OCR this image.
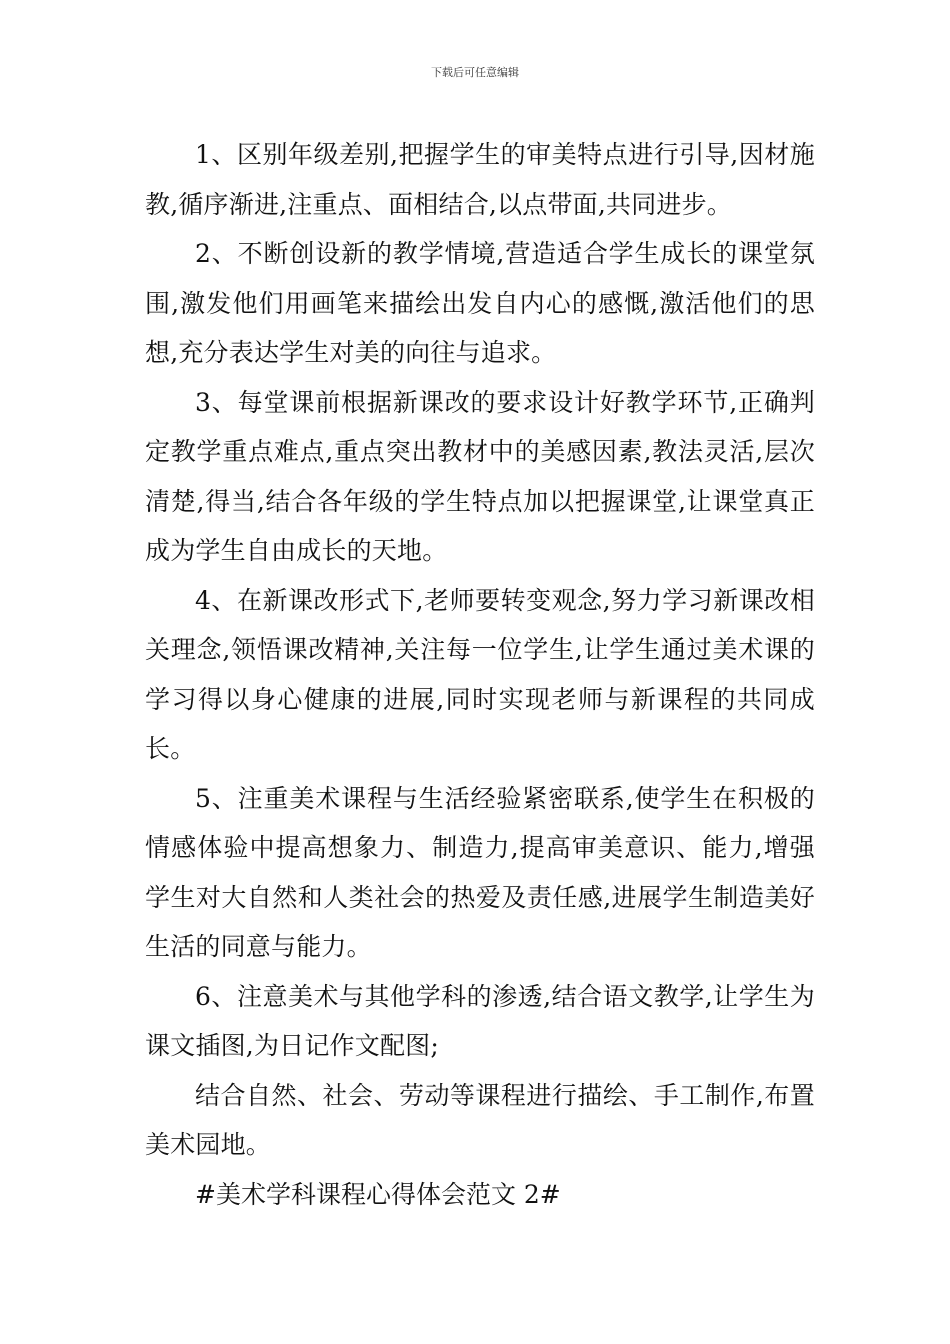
下载后可任意编辑

1、区别年级差别,把握学生的审美特点进行引导,因材施教,循序渐进,注重点、面相结合,以点带面,共同进步。

2、不断创设新的教学情境,营造适合学生成长的课堂氛围,激发他们用画笔来描绘出发自内心的感慨,激活他们的思想,充分表达学生对美的向往与追求。

3、每堂课前根据新课改的要求设计好教学环节,正确判定教学重点难点,重点突出教材中的美感因素,教法灵活,层次清楚,得当,结合各年级的学生特点加以把握课堂,让课堂真正成为学生自由成长的天地。

4、在新课改形式下,老师要转变观念,努力学习新课改相关理念,领悟课改精神,关注每一位学生,让学生通过美术课的学习得以身心健康的进展,同时实现老师与新课程的共同成长。

5、注重美术课程与生活经验紧密联系,使学生在积极的情感体验中提高想象力、制造力,提高审美意识、能力,增强学生对大自然和人类社会的热爱及责任感,进展学生制造美好生活的同意与能力。

6、注意美术与其他学科的渗透,结合语文教学,让学生为课文插图,为日记作文配图;

结合自然、社会、劳动等课程进行描绘、手工制作,布置美术园地。

#美术学科课程心得体会范文 2#
